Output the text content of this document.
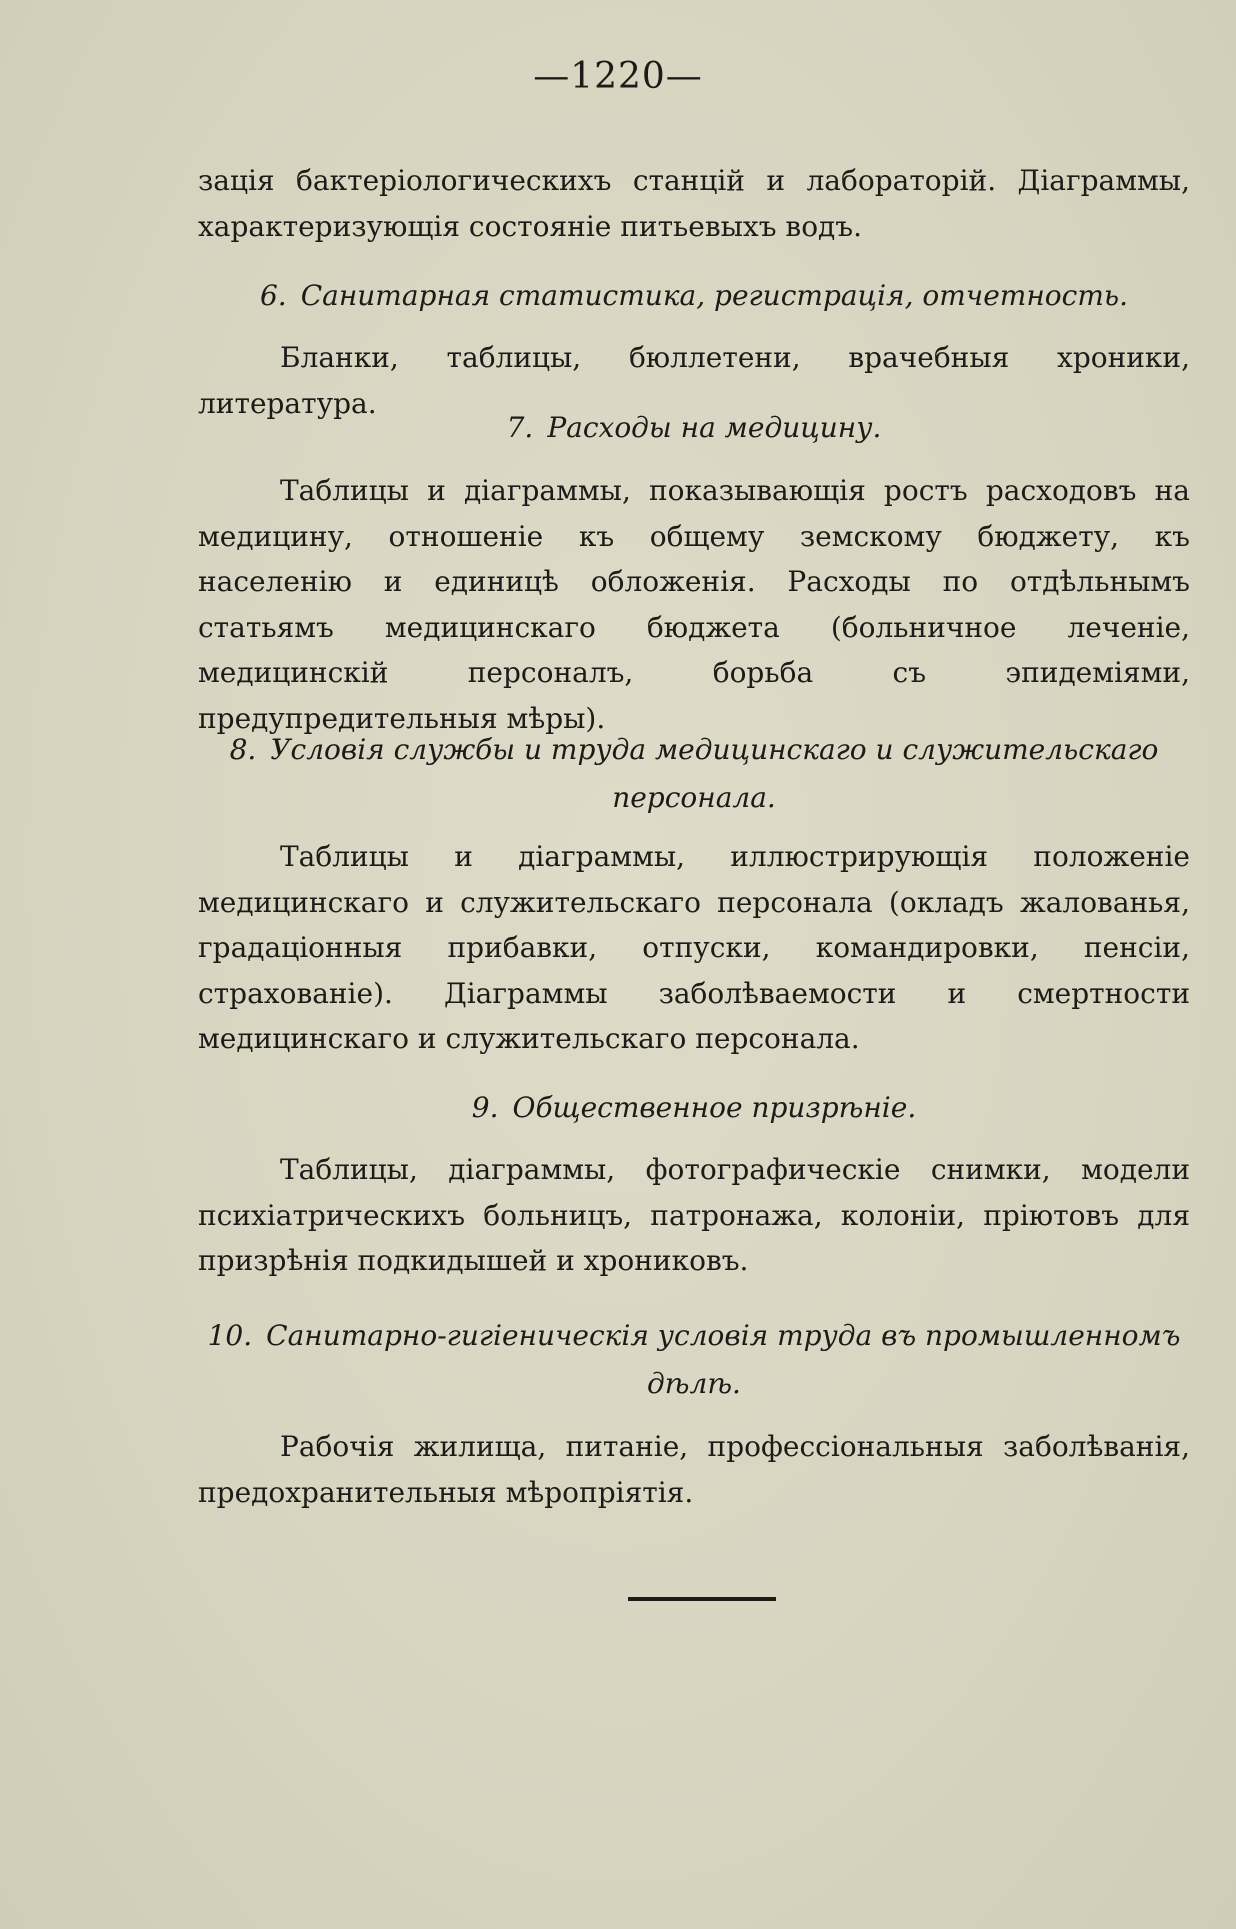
—1220—

зація бактеріологическихъ станцій и лабораторій. Діаграммы, характеризующія состояніе питьевыхъ водъ.

6. Санитарная статистика, регистрація, отчетность.

Бланки, таблицы, бюллетени, врачебныя хроники, литература.

7. Расходы на медицину.

Таблицы и діаграммы, показывающія ростъ расходовъ на медицину, отношеніе къ общему земскому бюджету, къ населенію и единицѣ обложенія. Расходы по отдѣльнымъ статьямъ медицинскаго бюджета (больничное леченіе, медицинскій персоналъ, борьба съ эпидеміями, предупредительныя мѣры).

8. Условія службы и труда медицинскаго и служительскаго персонала.

Таблицы и діаграммы, иллюстрирующія положеніе медицинскаго и служительскаго персонала (окладъ жалованья, градаціонныя прибавки, отпуски, командировки, пенсіи, страхованіе). Діаграммы заболѣваемости и смертности медицинскаго и служительскаго персонала.

9. Общественное призрѣніе.

Таблицы, діаграммы, фотографическіе снимки, модели психіатрическихъ больницъ, патронажа, колоніи, пріютовъ для призрѣнія подкидышей и хрониковъ.

10. Санитарно-гигіеническія условія труда въ промышленномъ дѣлѣ.

Рабочія жилища, питаніе, профессіональныя заболѣванія, предохранительныя мѣропріятія.
